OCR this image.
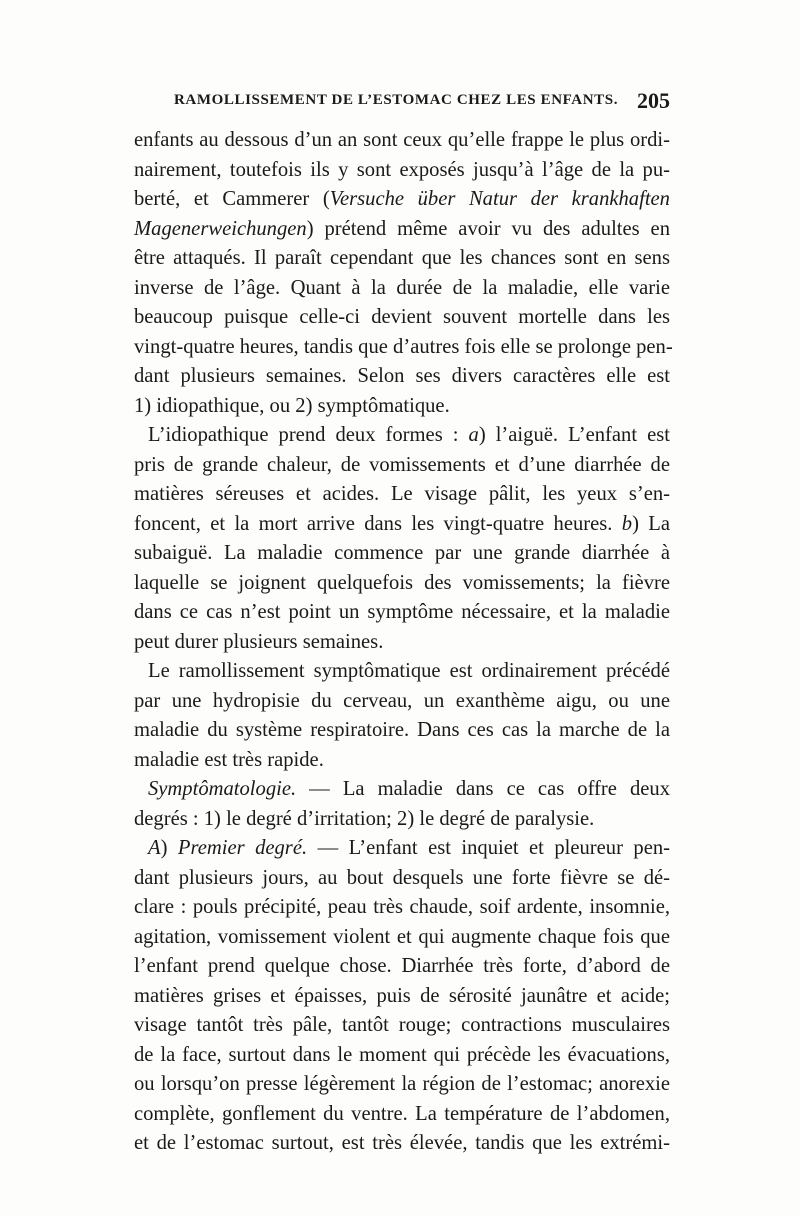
RAMOLLISSEMENT DE L’ESTOMAC CHEZ LES ENFANTS. 205
enfants au dessous d’un an sont ceux qu’elle frappe le plus ordi-
nairement, toutefois ils y sont exposés jusqu’à l’âge de la pu-
berté, et Cammerer (Versuche über Natur der krankhaften
Magenerweichungen) prétend même avoir vu des adultes en
être attaqués. Il paraît cependant que les chances sont en sens
inverse de l’âge. Quant à la durée de la maladie, elle varie
beaucoup puisque celle-ci devient souvent mortelle dans les
vingt-quatre heures, tandis que d’autres fois elle se prolonge pen-
dant plusieurs semaines. Selon ses divers caractères elle est
1) idiopathique, ou 2) symptômatique.
L’idiopathique prend deux formes : a) l’aiguë. L’enfant est
pris de grande chaleur, de vomissements et d’une diarrhée de
matières séreuses et acides. Le visage pâlit, les yeux s’en-
foncent, et la mort arrive dans les vingt-quatre heures. b) La
subaiguë. La maladie commence par une grande diarrhée à
laquelle se joignent quelquefois des vomissements; la fièvre
dans ce cas n’est point un symptôme nécessaire, et la maladie
peut durer plusieurs semaines.
Le ramollissement symptômatique est ordinairement précédé
par une hydropisie du cerveau, un exanthème aigu, ou une
maladie du système respiratoire. Dans ces cas la marche de la
maladie est très rapide.
Symptômatologie. — La maladie dans ce cas offre deux
degrés : 1) le degré d’irritation; 2) le degré de paralysie.
A) Premier degré. — L’enfant est inquiet et pleureur pen-
dant plusieurs jours, au bout desquels une forte fièvre se dé-
clare : pouls précipité, peau très chaude, soif ardente, insomnie,
agitation, vomissement violent et qui augmente chaque fois que
l’enfant prend quelque chose. Diarrhée très forte, d’abord de
matières grises et épaisses, puis de sérosité jaunâtre et acide;
visage tantôt très pâle, tantôt rouge; contractions musculaires
de la face, surtout dans le moment qui précède les évacuations,
ou lorsqu’on presse légèrement la région de l’estomac; anorexie
complète, gonflement du ventre. La température de l’abdomen,
et de l’estomac surtout, est très élevée, tandis que les extrémi-
